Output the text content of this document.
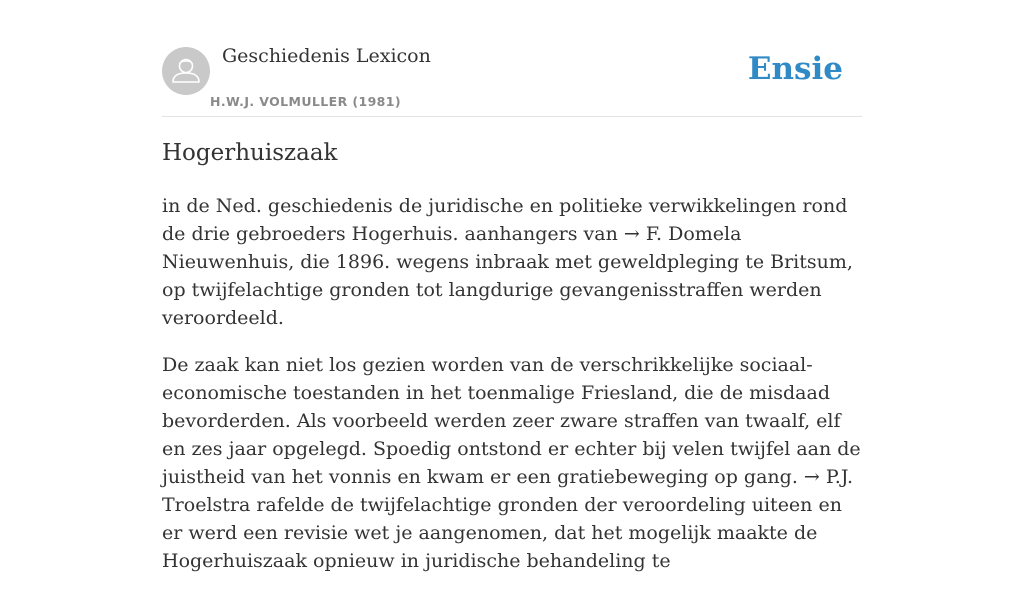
Geschiedenis Lexicon
H.W.J. VOLMULLER (1981)
Ensie
Hogerhuiszaak

in de Ned. geschiedenis de juridische en politieke verwikkelingen rond de drie gebroeders Hogerhuis. aanhangers van → F. Domela Nieuwenhuis, die 1896. wegens inbraak met geweldpleging te Britsum, op twijfelachtige gronden tot langdurige gevangenisstraffen werden veroordeeld.

De zaak kan niet los gezien worden van de verschrikkelijke sociaal-economische toestanden in het toenmalige Friesland, die de misdaad bevorderden. Als voorbeeld werden zeer zware straffen van twaalf, elf en zes jaar opgelegd. Spoedig ontstond er echter bij velen twijfel aan de juistheid van het vonnis en kwam er een gratiebeweging op gang. → P.J. Troelstra rafelde de twijfelachtige gronden der veroordeling uiteen en er werd een revisie wet je aangenomen, dat het mogelijk maakte de Hogerhuiszaak opnieuw in juridische behandeling te
